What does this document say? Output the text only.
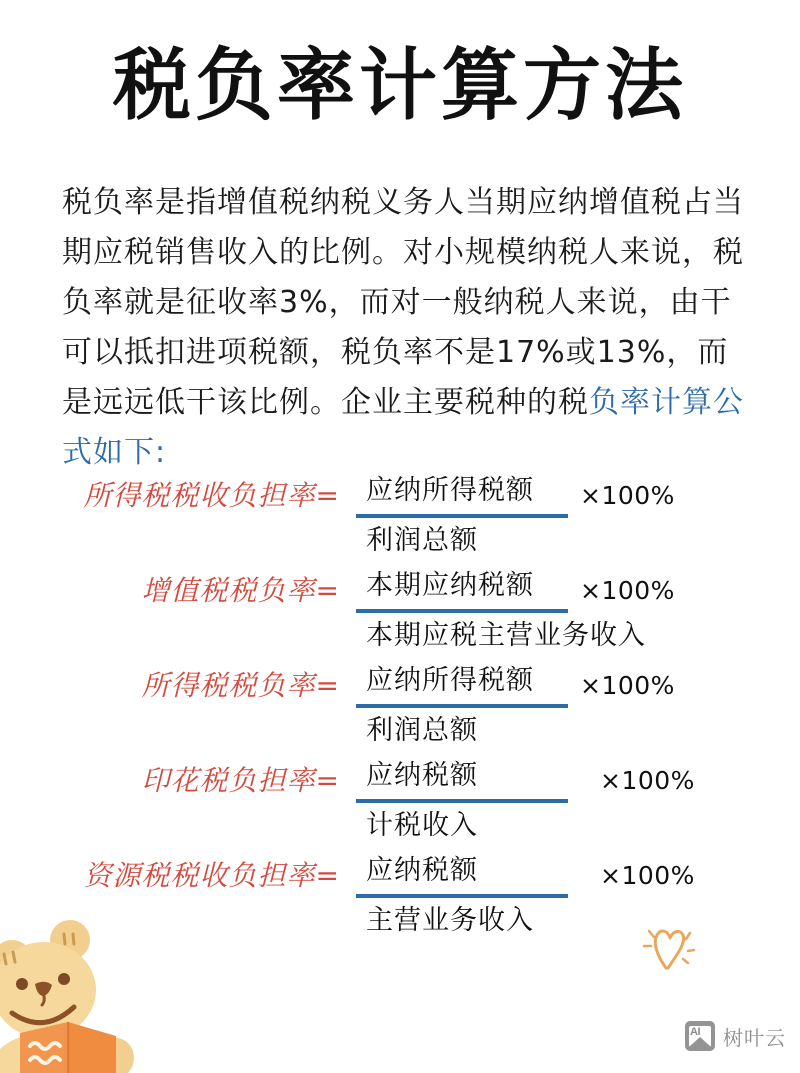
税负率计算方法
税负率是指增值税纳税义务人当期应纳增值税占当期应税销售收入的比例。对小规模纳税人来说，税负率就是征收率3%，而对一般纳税人来说，由干可以抵扣进项税额，税负率不是17%或13%，而是远远低干该比例。企业主要税种的税负率计算公式如下:
所得税税收负担率= 应纳所得税额
利润总额
×100%
增值税税负率= 本期应纳税额
本期应税主营业务收入
×100%
所得税税负率= 应纳所得税额
利润总额
×100%
印花税负担率= 应纳税额
计税收入
×100%
资源税税收负担率= 应纳税额
主营业务收入
×100%
AI 树叶云
